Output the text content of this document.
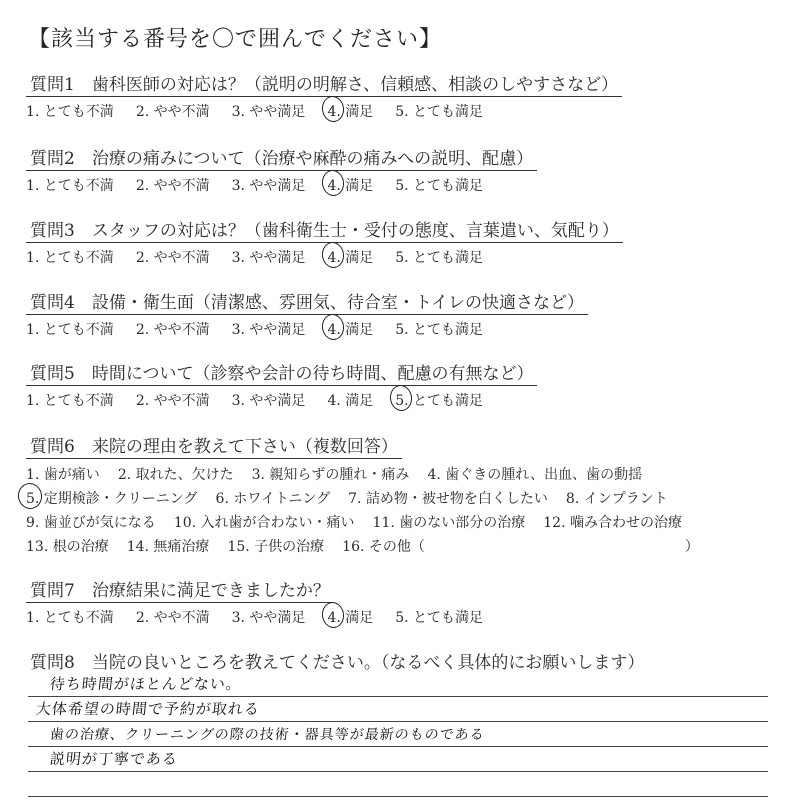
【該当する番号を〇で囲んでください】
質問1　歯科医師の対応は？（説明の明解さ、信頼感、相談のしやすさなど）
1. とても不満 2. やや不満 3. やや満足 4. 満足 5. とても満足
質問2　治療の痛みについて（治療や麻酔の痛みへの説明、配慮）
1. とても不満 2. やや不満 3. やや満足 4. 満足 5. とても満足
質問3　スタッフの対応は？（歯科衛生士・受付の態度、言葉遣い、気配り）
1. とても不満 2. やや不満 3. やや満足 4. 満足 5. とても満足
質問4　設備・衛生面（清潔感、雰囲気、待合室・トイレの快適さなど）
1. とても不満 2. やや不満 3. やや満足 4. 満足 5. とても満足
質問5　時間について（診察や会計の待ち時間、配慮の有無など）
1. とても不満 2. やや不満 3. やや満足 4. 満足 5. とても満足
質問6　来院の理由を教えて下さい（複数回答）
1. 歯が痛い 2. 取れた、欠けた 3. 親知らずの腫れ・痛み 4. 歯ぐきの腫れ、出血、歯の動揺
5. 定期検診・クリーニング 6. ホワイトニング 7. 詰め物・被せ物を白くしたい 8. インプラント
9. 歯並びが気になる 10. 入れ歯が合わない・痛い 11. 歯のない部分の治療 12. 噛み合わせの治療
13. 根の治療 14. 無痛治療 15. 子供の治療 16. その他（	）
質問7　治療結果に満足できましたか？
1. とても不満 2. やや不満 3. やや満足 4. 満足 5. とても満足
質問8　当院の良いところを教えてください。（なるべく具体的にお願いします）
待ち時間がほとんどない。
大体希望の時間で予約が取れる
歯の治療、クリーニングの際の技術・器具等が最新のものである
説明が丁寧である
